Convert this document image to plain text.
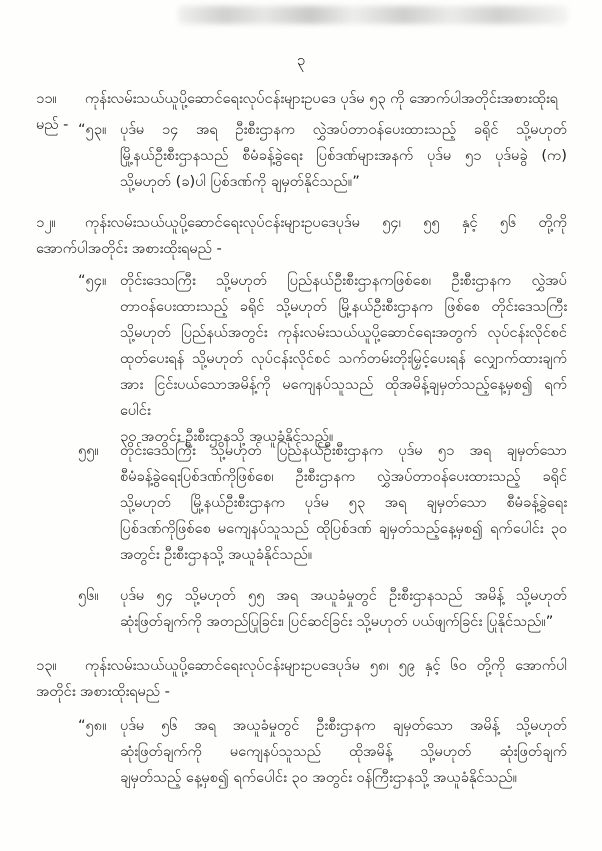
၃
၁၁။ ကုန်းလမ်းသယ်ယူပို့ဆောင်ရေးလုပ်ငန်းများဥပဒေ ပုဒ်မ ၅၃ ကို အောက်ပါအတိုင်းအစားထိုးရမည် - “၅၃။ ပုဒ်မ ၁၄ အရ ဦးစီးဌာနက လွှဲအပ်တာဝန်ပေးထားသည့် ခရိုင် သို့မဟုတ်
မြို့နယ်ဦးစီးဌာနသည် စီမံခန့်ခွဲရေး ပြစ်ဒဏ်များအနက် ပုဒ်မ ၅၁ ပုဒ်မခွဲ (က)
သို့မဟုတ် (ခ)ပါ ပြစ်ဒဏ်ကို ချမှတ်နိုင်သည်။”
၁၂။ ကုန်းလမ်းသယ်ယူပို့ဆောင်ရေးလုပ်ငန်းများဥပဒေပုဒ်မ ၅၄၊ ၅၅ နှင့် ၅၆ တို့ကို
အောက်ပါအတိုင်း အစားထိုးရမည် -
“၅၄။ တိုင်းဒေသကြီး သို့မဟုတ် ပြည်နယ်ဦးစီးဌာနကဖြစ်စေ၊ ဦးစီးဌာနက လွှဲအပ်
တာဝန်ပေးထားသည့် ခရိုင် သို့မဟုတ် မြို့နယ်ဦးစီးဌာနက ဖြစ်စေ တိုင်းဒေသကြီး
သို့မဟုတ် ပြည်နယ်အတွင်း ကုန်းလမ်းသယ်ယူပို့ဆောင်ရေးအတွက် လုပ်ငန်းလိုင်စင်
ထုတ်ပေးရန် သို့မဟုတ် လုပ်ငန်းလိုင်စင် သက်တမ်းတိုးမြှင့်ပေးရန် လျှောက်ထားချက်
အား ငြင်းပယ်သောအမိန့်ကို မကျေနပ်သူသည် ထိုအမိန့်ချမှတ်သည့်နေ့မှစ၍ ရက်ပေါင်း
၃၀ အတွင်း ဦးစီးဌာနသို့ အယူခံနိုင်သည်။
၅၅။ တိုင်းဒေသကြီး သို့မဟုတ် ပြည်နယ်ဦးစီးဌာနက ပုဒ်မ ၅၁ အရ ချမှတ်သော
စီမံခန့်ခွဲရေးပြစ်ဒဏ်ကိုဖြစ်စေ၊ ဦးစီးဌာနက လွှဲအပ်တာဝန်ပေးထားသည့် ခရိုင်
သို့မဟုတ် မြို့နယ်ဦးစီးဌာနက ပုဒ်မ ၅၃ အရ ချမှတ်သော စီမံခန့်ခွဲရေး
ပြစ်ဒဏ်ကိုဖြစ်စေ မကျေနပ်သူသည် ထိုပြစ်ဒဏ် ချမှတ်သည့်နေ့မှစ၍ ရက်ပေါင်း ၃၀
အတွင်း ဦးစီးဌာနသို့ အယူခံနိုင်သည်။
၅၆။ ပုဒ်မ ၅၄ သို့မဟုတ် ၅၅ အရ အယူခံမှုတွင် ဦးစီးဌာနသည် အမိန့် သို့မဟုတ်
ဆုံးဖြတ်ချက်ကို အတည်ပြုခြင်း၊ ပြင်ဆင်ခြင်း သို့မဟုတ် ပယ်ဖျက်ခြင်း ပြုနိုင်သည်။”
၁၃။ ကုန်းလမ်းသယ်ယူပို့ဆောင်ရေးလုပ်ငန်းများဥပဒေပုဒ်မ ၅၈၊ ၅၉ နှင့် ၆၀ တို့ကို အောက်ပါ
အတိုင်း အစားထိုးရမည် -
“၅၈။ ပုဒ်မ ၅၆ အရ အယူခံမှုတွင် ဦးစီးဌာနက ချမှတ်သော အမိန့် သို့မဟုတ်
ဆုံးဖြတ်ချက်ကို မကျေနပ်သူသည် ထိုအမိန့် သို့မဟုတ် ဆုံးဖြတ်ချက်
ချမှတ်သည့် နေ့မှစ၍ ရက်ပေါင်း ၃၀ အတွင်း ဝန်ကြီးဌာနသို့ အယူခံနိုင်သည်။
